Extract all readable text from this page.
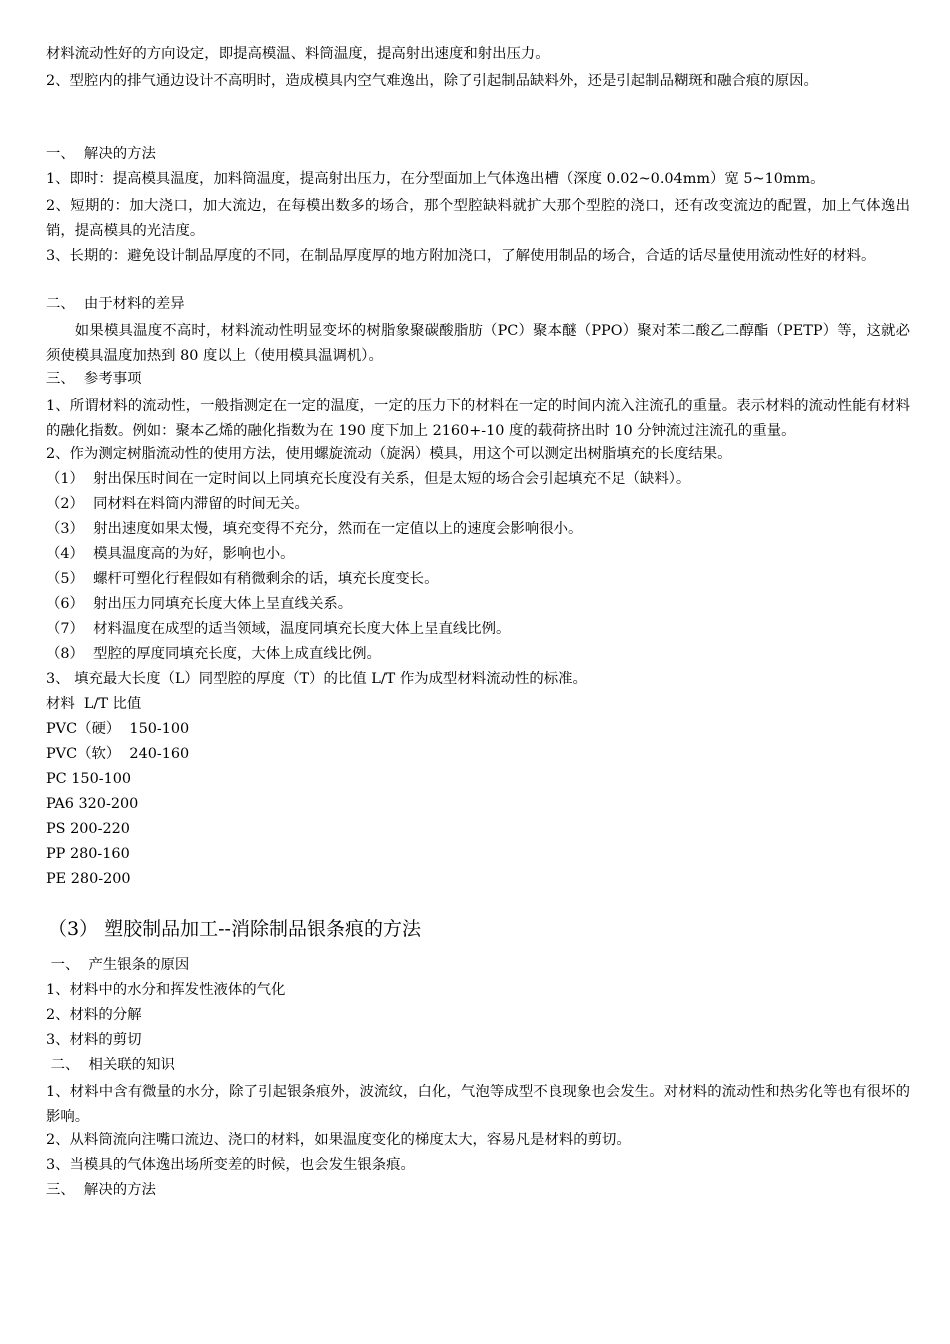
材料流动性好的方向设定，即提高模温、料筒温度，提高射出速度和射出压力。

2、型腔内的排气通边设计不高明时，造成模具内空气难逸出，除了引起制品缺料外，还是引起制品糊斑和融合痕的原因。

一、  解决的方法

1、即时：提高模具温度，加料筒温度，提高射出压力，在分型面加上气体逸出槽（深度 0.02~0.04mm）宽 5~10mm。

2、短期的：加大浇口，加大流边，在每模出数多的场合，那个型腔缺料就扩大那个型腔的浇口，还有改变流边的配置，加上气体逸出销，提高模具的光洁度。

3、长期的：避免设计制品厚度的不同，在制品厚度厚的地方附加浇口，了解使用制品的场合，合适的话尽量使用流动性好的材料。

二、  由于材料的差异

如果模具温度不高时，材料流动性明显变坏的树脂象聚碳酸脂肪（PC）聚本醚（PPO）聚对苯二酸乙二醇酯（PETP）等，这就必须使模具温度加热到 80 度以上（使用模具温调机）。

三、  参考事项

1、所谓材料的流动性，一般指测定在一定的温度，一定的压力下的材料在一定的时间内流入注流孔的重量。表示材料的流动性能有材料的融化指数。例如：聚本乙烯的融化指数为在 190 度下加上 2160+-10 度的载荷挤出时 10 分钟流过注流孔的重量。

2、作为测定树脂流动性的使用方法，使用螺旋流动（旋涡）模具，用这个可以测定出树脂填充的长度结果。

（1）  射出保压时间在一定时间以上同填充长度没有关系，但是太短的场合会引起填充不足（缺料）。

（2）  同材料在料筒内滞留的时间无关。

（3）  射出速度如果太慢，填充变得不充分，然而在一定值以上的速度会影响很小。

（4）  模具温度高的为好，影响也小。

（5）  螺杆可塑化行程假如有稍微剩余的话，填充长度变长。

（6）  射出压力同填充长度大体上呈直线关系。

（7）  材料温度在成型的适当领域，温度同填充长度大体上呈直线比例。

（8）  型腔的厚度同填充长度，大体上成直线比例。

3、 填充最大长度（L）同型腔的厚度（T）的比值 L/T 作为成型材料流动性的标准。

材料  L/T 比值

PVC（硬）  150-100

PVC（软）  240-160

PC 150-100

PA6 320-200

PS 200-220

PP 280-160

PE 280-200

（3） 塑胶制品加工--消除制品银条痕的方法

一、  产生银条的原因

1、材料中的水分和挥发性液体的气化

2、材料的分解

3、材料的剪切

二、  相关联的知识

1、材料中含有微量的水分，除了引起银条痕外，波流纹，白化，气泡等成型不良现象也会发生。对材料的流动性和热劣化等也有很坏的影响。

2、从料筒流向注嘴口流边、浇口的材料，如果温度变化的梯度太大，容易凡是材料的剪切。

3、当模具的气体逸出场所变差的时候，也会发生银条痕。

三、  解决的方法
